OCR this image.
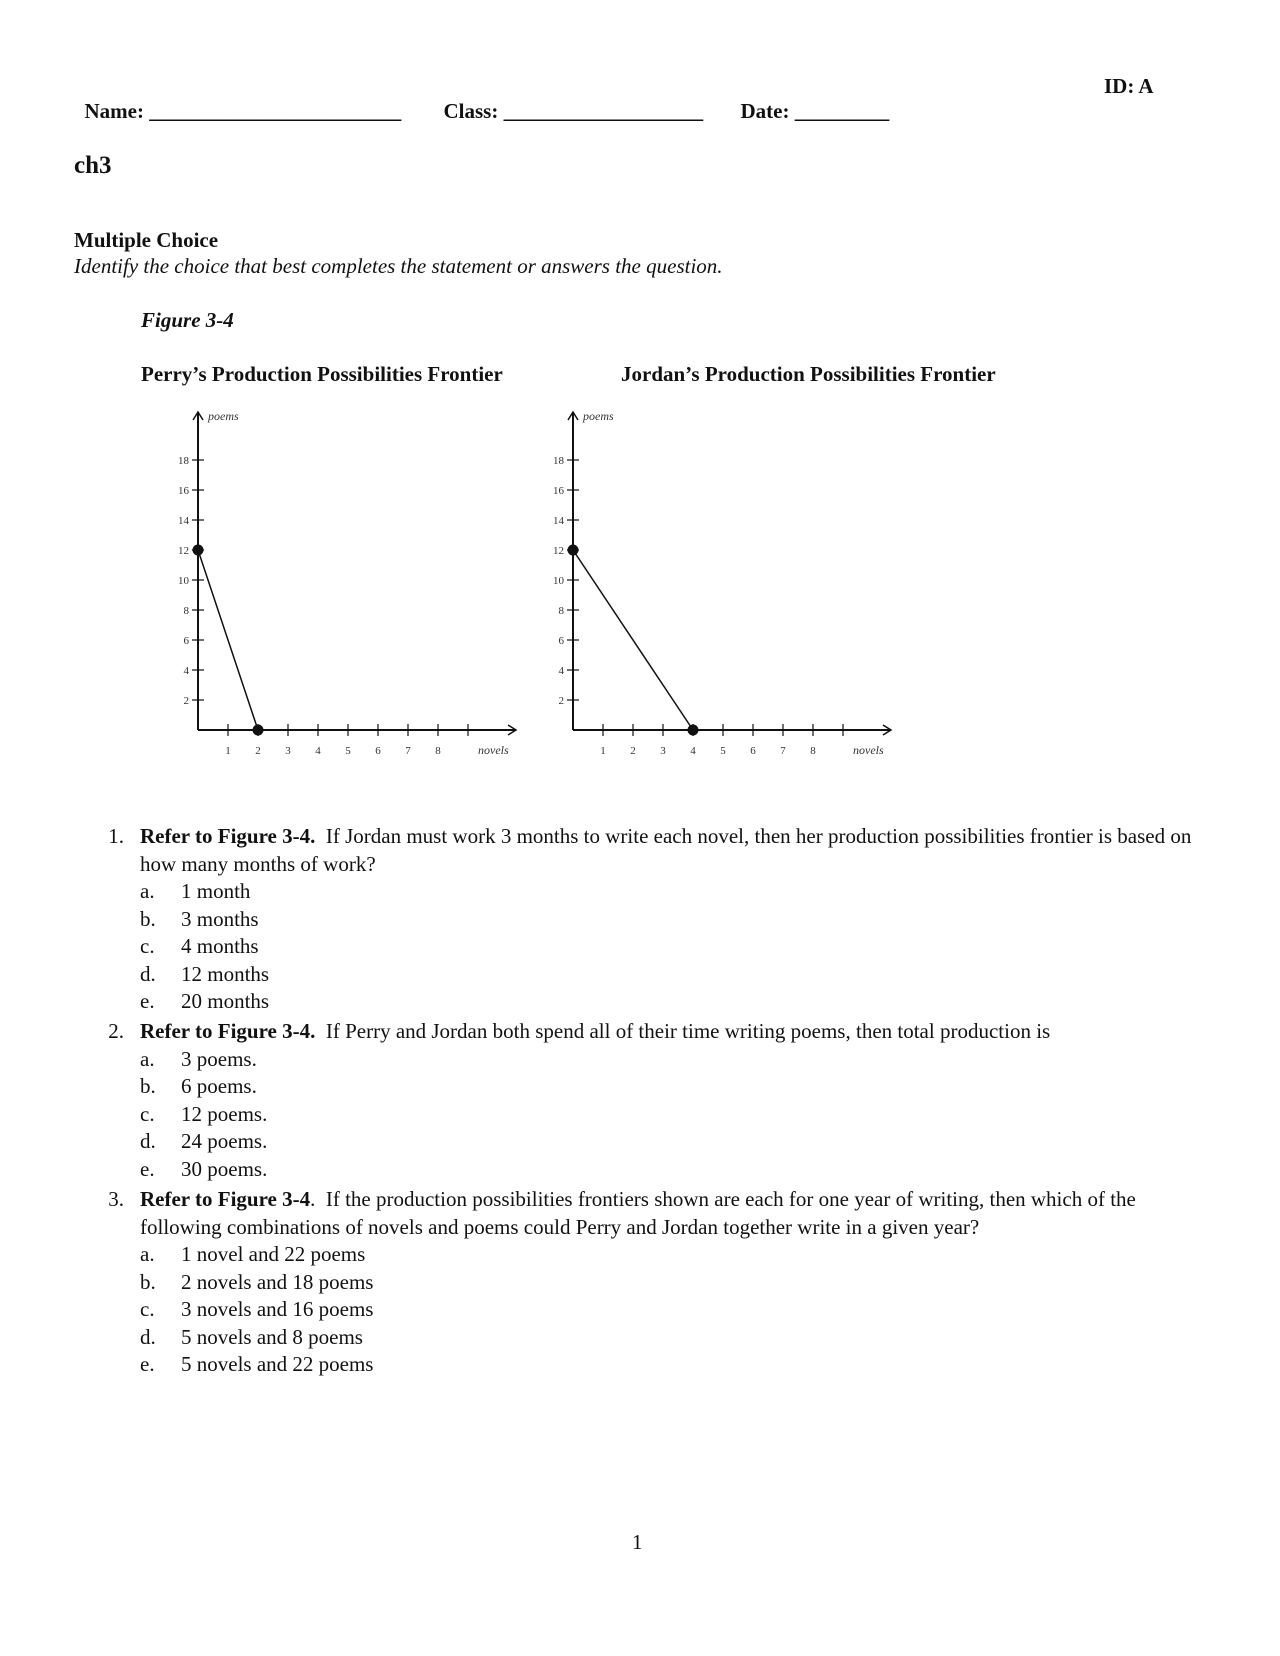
Name: ________________________	Class: ___________________	Date: _________

ID: A
ch3
Multiple Choice
Identify the choice that best completes the statement or answers the question.
Figure 3-4
Perry’s Production Possibilities Frontier	Jordan’s Production Possibilities Frontier
poems
novels
2
4
6
8
10
12
14
16
18
1 2 3 4 5 6 7 8
poems
novels
2
4
6
8
10
12
14
16
18
1 2 3 4 5 6 7 8
1. Refer to Figure 3-4. If Jordan must work 3 months to write each novel, then her production possibilities frontier is based on how many months of work?
a. 1 month
b. 3 months
c. 4 months
d. 12 months
e. 20 months
2. Refer to Figure 3-4. If Perry and Jordan both spend all of their time writing poems, then total production is
a. 3 poems.
b. 6 poems.
c. 12 poems.
d. 24 poems.
e. 30 poems.
3. Refer to Figure 3-4.  If the production possibilities frontiers shown are each for one year of writing, then which of the following combinations of novels and poems could Perry and Jordan together write in a given year?
a. 1 novel and 22 poems
b. 2 novels and 18 poems
c. 3 novels and 16 poems
d. 5 novels and 8 poems
e. 5 novels and 22 poems
1
